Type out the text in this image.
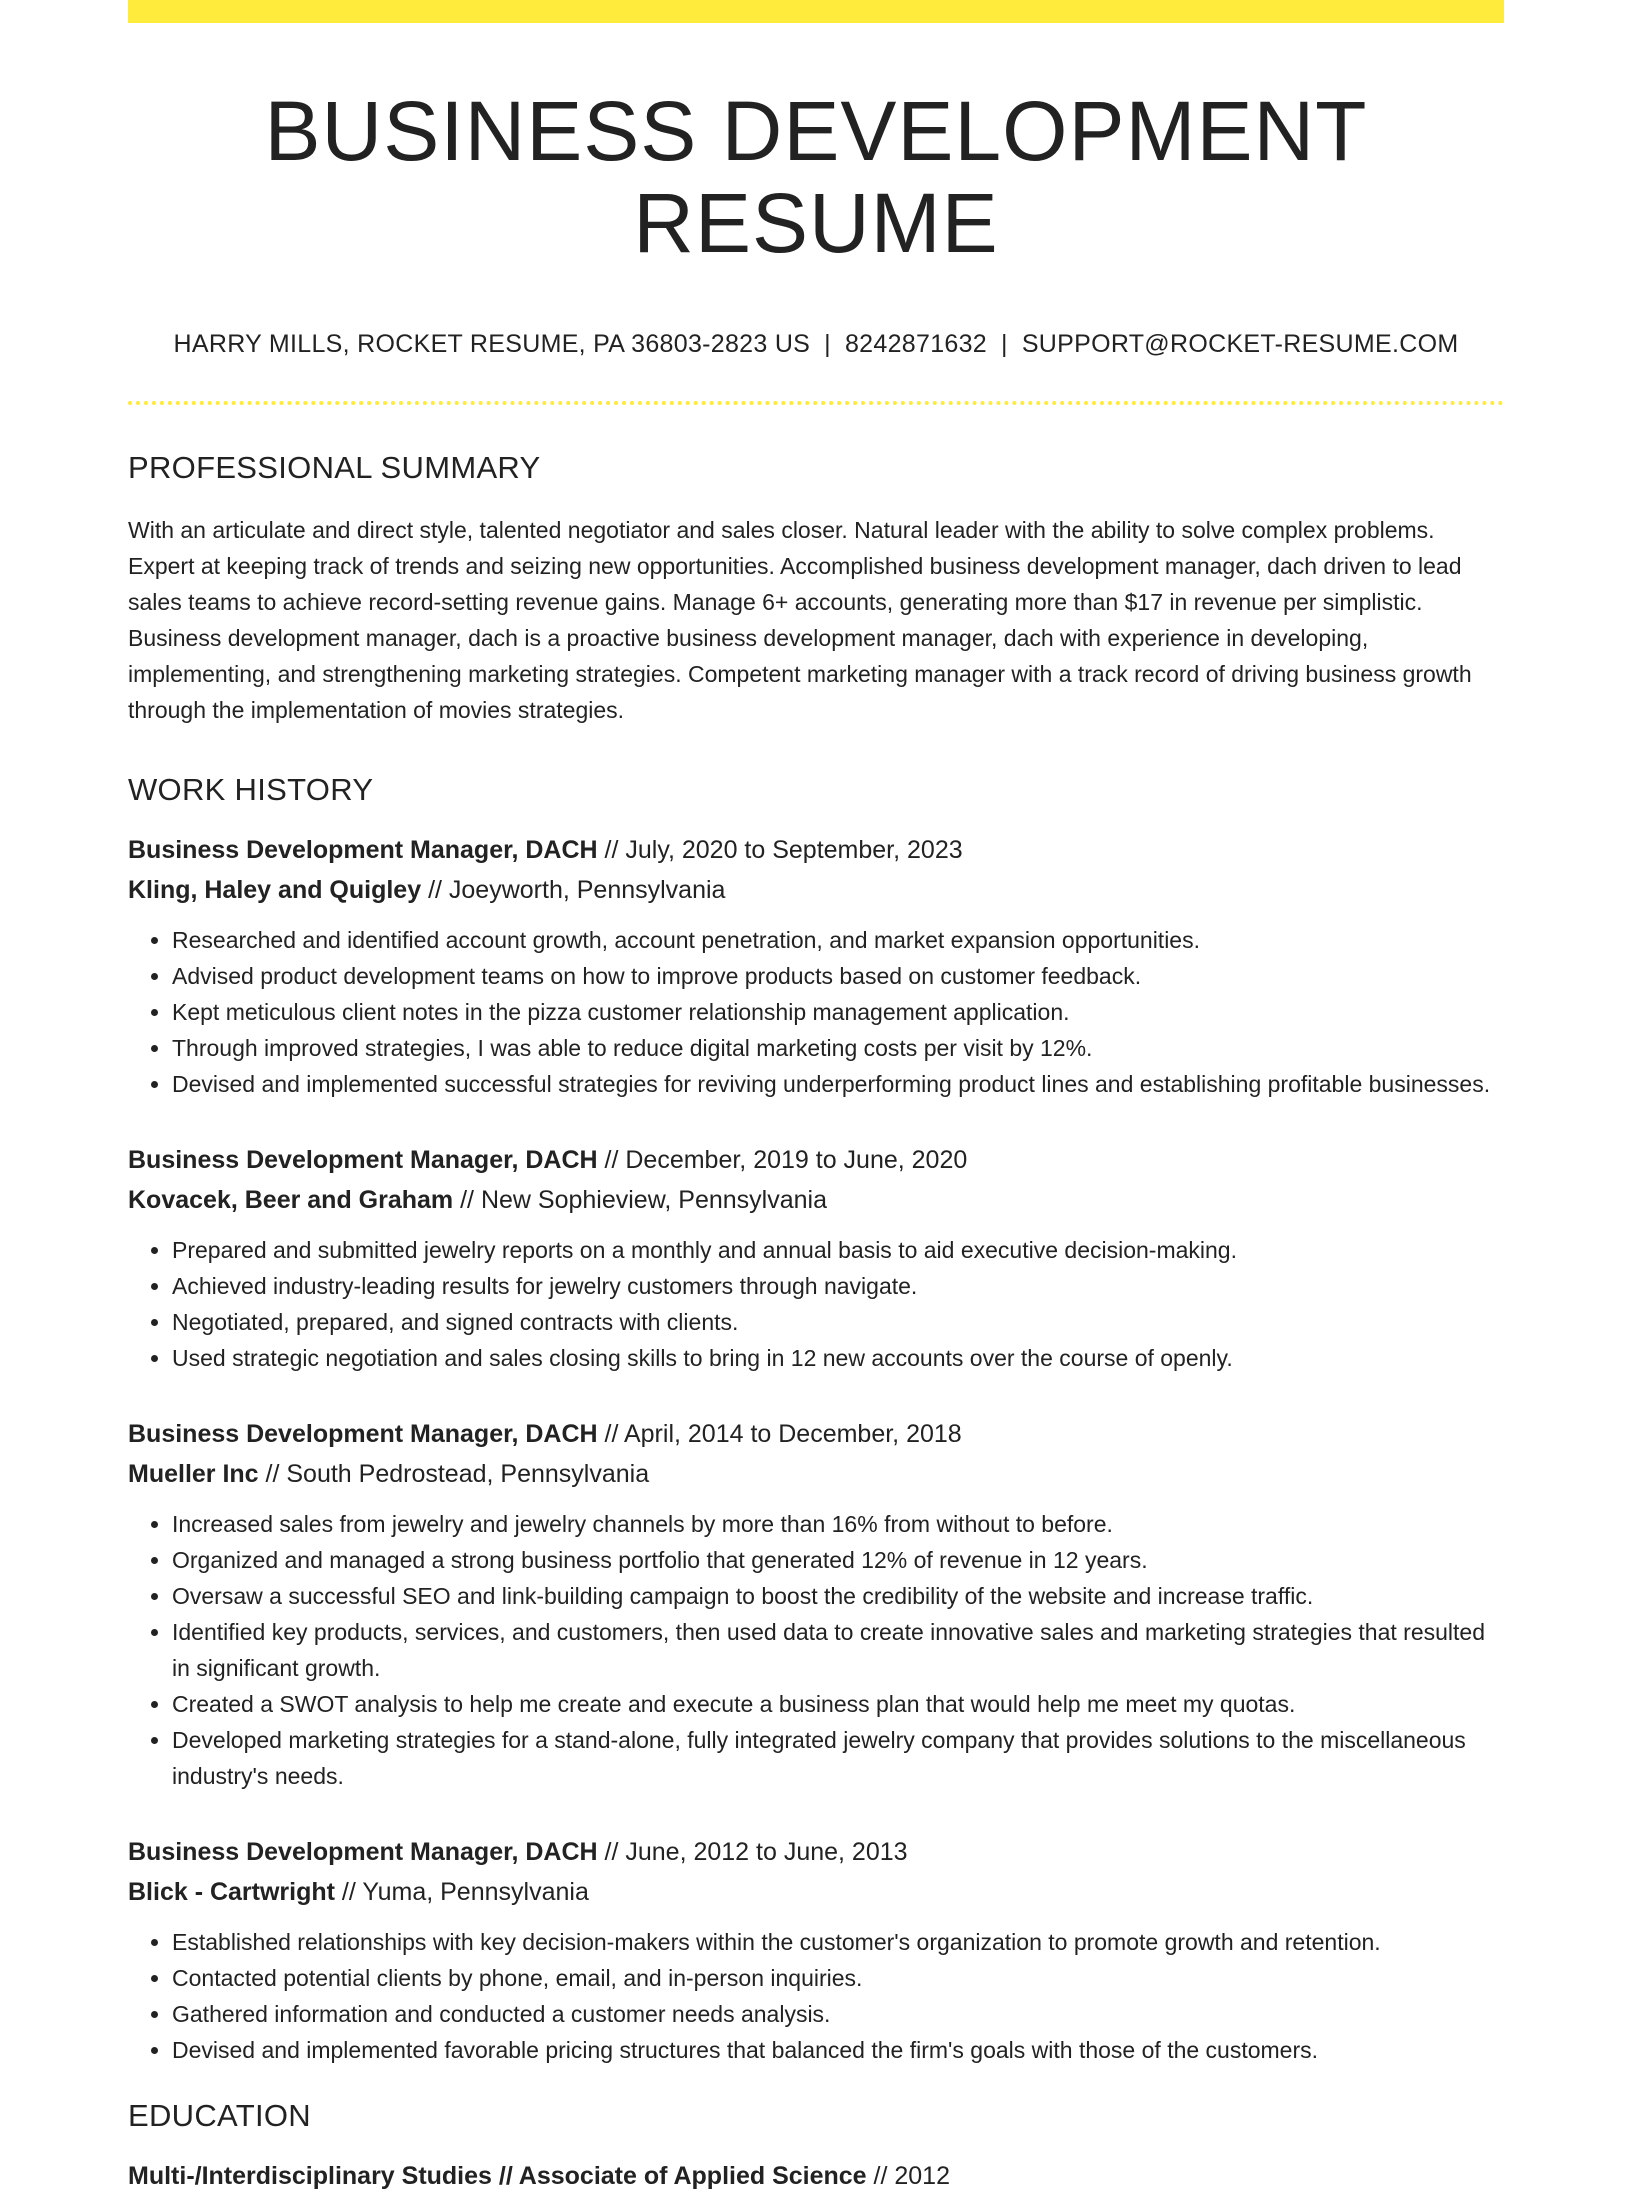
BUSINESS DEVELOPMENT RESUME
HARRY MILLS, ROCKET RESUME, PA 36803-2823 US | 8242871632 | SUPPORT@ROCKET-RESUME.COM
PROFESSIONAL SUMMARY
With an articulate and direct style, talented negotiator and sales closer. Natural leader with the ability to solve complex problems. Expert at keeping track of trends and seizing new opportunities. Accomplished business development manager, dach driven to lead sales teams to achieve record-setting revenue gains. Manage 6+ accounts, generating more than $17 in revenue per simplistic. Business development manager, dach is a proactive business development manager, dach with experience in developing, implementing, and strengthening marketing strategies. Competent marketing manager with a track record of driving business growth through the implementation of movies strategies.
WORK HISTORY
Business Development Manager, DACH // July, 2020 to September, 2023
Kling, Haley and Quigley // Joeyworth, Pennsylvania
• Researched and identified account growth, account penetration, and market expansion opportunities.
• Advised product development teams on how to improve products based on customer feedback.
• Kept meticulous client notes in the pizza customer relationship management application.
• Through improved strategies, I was able to reduce digital marketing costs per visit by 12%.
• Devised and implemented successful strategies for reviving underperforming product lines and establishing profitable businesses.
Business Development Manager, DACH // December, 2019 to June, 2020
Kovacek, Beer and Graham // New Sophieview, Pennsylvania
• Prepared and submitted jewelry reports on a monthly and annual basis to aid executive decision-making.
• Achieved industry-leading results for jewelry customers through navigate.
• Negotiated, prepared, and signed contracts with clients.
• Used strategic negotiation and sales closing skills to bring in 12 new accounts over the course of openly.
Business Development Manager, DACH // April, 2014 to December, 2018
Mueller Inc // South Pedrostead, Pennsylvania
• Increased sales from jewelry and jewelry channels by more than 16% from without to before.
• Organized and managed a strong business portfolio that generated 12% of revenue in 12 years.
• Oversaw a successful SEO and link-building campaign to boost the credibility of the website and increase traffic.
• Identified key products, services, and customers, then used data to create innovative sales and marketing strategies that resulted in significant growth.
• Created a SWOT analysis to help me create and execute a business plan that would help me meet my quotas.
• Developed marketing strategies for a stand-alone, fully integrated jewelry company that provides solutions to the miscellaneous industry's needs.
Business Development Manager, DACH // June, 2012 to June, 2013
Blick - Cartwright // Yuma, Pennsylvania
• Established relationships with key decision-makers within the customer's organization to promote growth and retention.
• Contacted potential clients by phone, email, and in-person inquiries.
• Gathered information and conducted a customer needs analysis.
• Devised and implemented favorable pricing structures that balanced the firm's goals with those of the customers.
EDUCATION
Multi-/Interdisciplinary Studies // Associate of Applied Science // 2012
